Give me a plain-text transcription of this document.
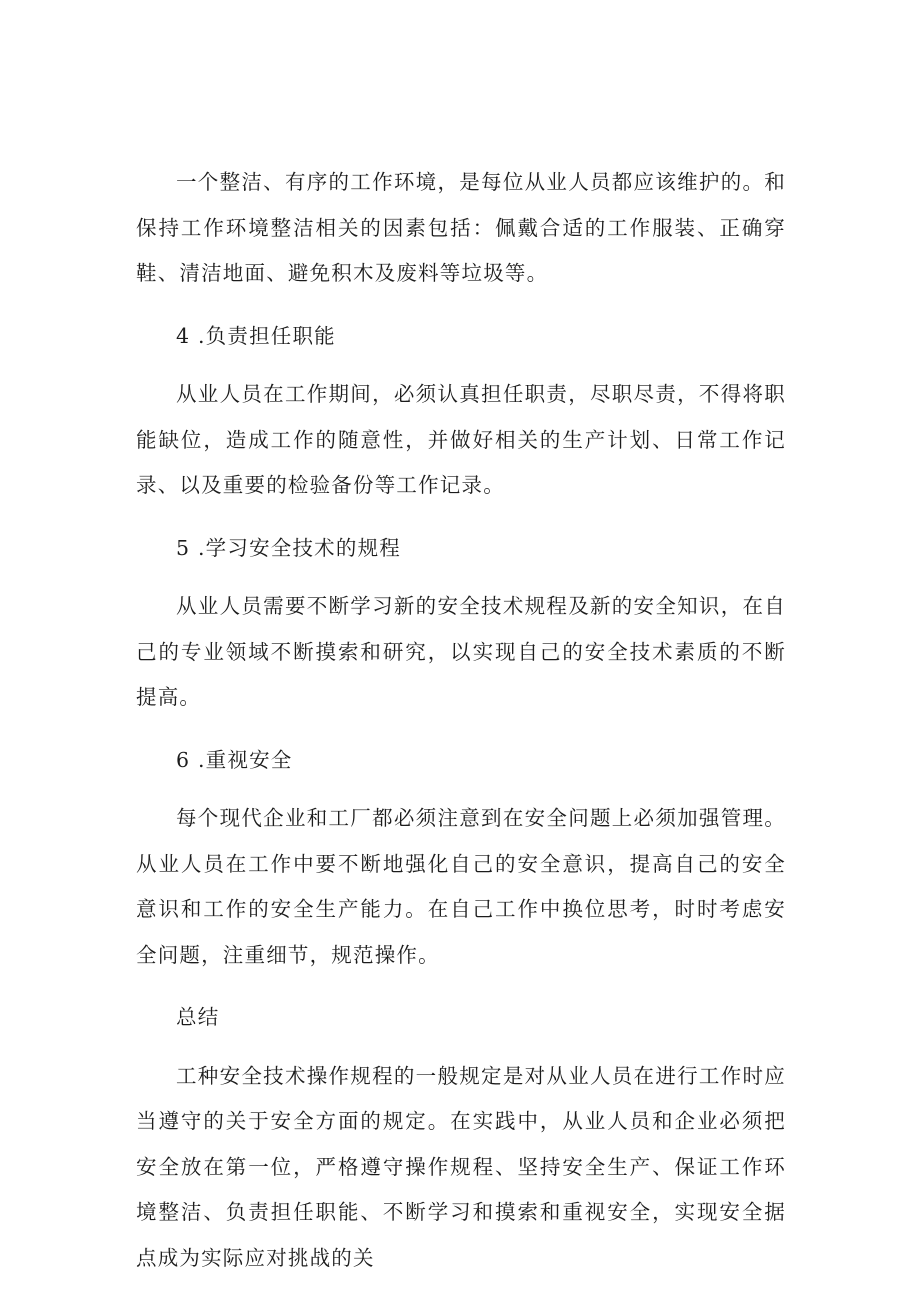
一个整洁、有序的工作环境，是每位从业人员都应该维护的。和保持工作环境整洁相关的因素包括：佩戴合适的工作服装、正确穿鞋、清洁地面、避免积木及废料等垃圾等。

4 .负责担任职能

从业人员在工作期间，必须认真担任职责，尽职尽责，不得将职能缺位，造成工作的随意性，并做好相关的生产计划、日常工作记录、以及重要的检验备份等工作记录。

5 .学习安全技术的规程

从业人员需要不断学习新的安全技术规程及新的安全知识，在自己的专业领域不断摸索和研究，以实现自己的安全技术素质的不断提高。

6 .重视安全

每个现代企业和工厂都必须注意到在安全问题上必须加强管理。从业人员在工作中要不断地强化自己的安全意识，提高自己的安全意识和工作的安全生产能力。在自己工作中换位思考，时时考虑安全问题，注重细节，规范操作。

总结

工种安全技术操作规程的一般规定是对从业人员在进行工作时应当遵守的关于安全方面的规定。在实践中，从业人员和企业必须把安全放在第一位，严格遵守操作规程、坚持安全生产、保证工作环境整洁、负责担任职能、不断学习和摸索和重视安全，实现安全据点成为实际应对挑战的关
